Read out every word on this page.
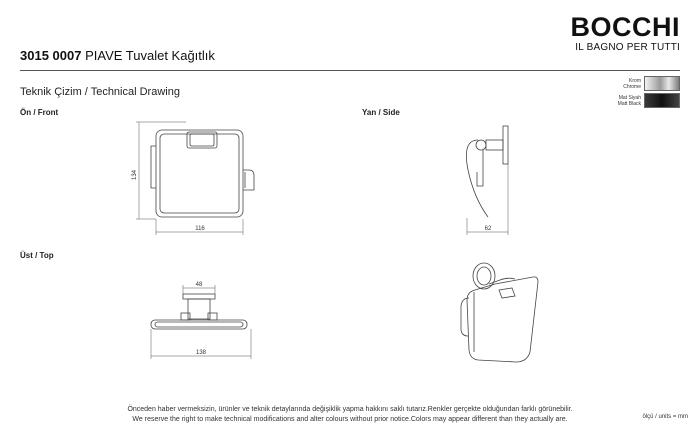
3015 0007 PIAVE Tuvalet Kağıtlık
BOCCHI
IL BAGNO PER TUTTI
Teknik Çizim / Technical Drawing
Krom
Chrome
Mat Siyah
Matt Black
Ön / Front	Yan / Side
Üst / Top
134
116	62
48
138
Önceden haber vermeksizin, ürünler ve teknik detaylarında değişiklik yapma hakkını saklı tutarız.Renkler gerçekte olduğundan farklı görünebilir.
We reserve the right to make technical modifications and alter colours without prior notice.Colors may appear different than they actually are.	ölçü / units = mm
